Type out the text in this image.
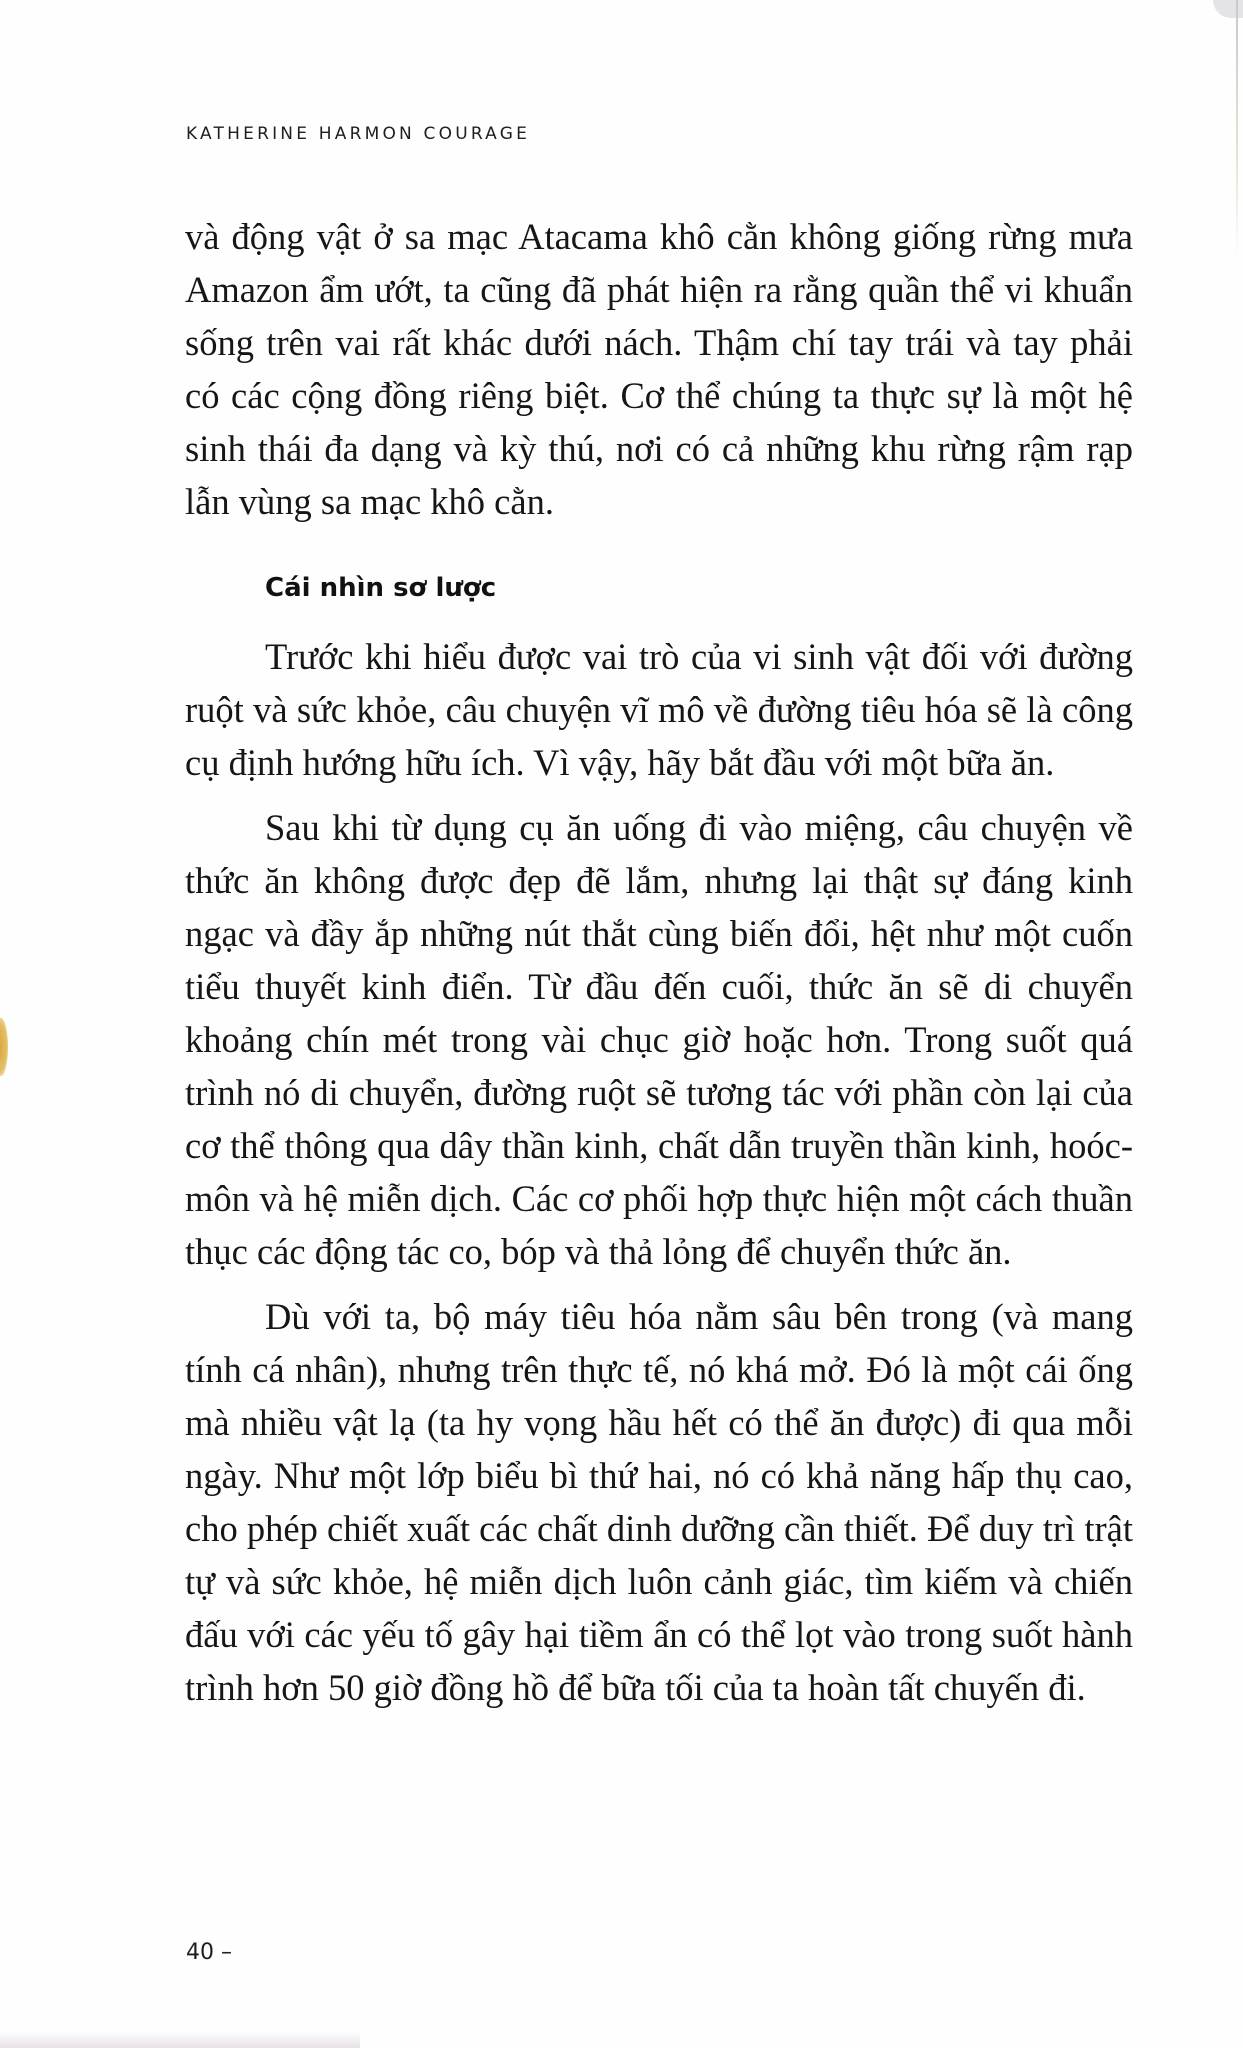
KATHERINE HARMON COURAGE

và động vật ở sa mạc Atacama khô cằn không giống rừng mưa Amazon ẩm ướt, ta cũng đã phát hiện ra rằng quần thể vi khuẩn sống trên vai rất khác dưới nách. Thậm chí tay trái và tay phải có các cộng đồng riêng biệt. Cơ thể chúng ta thực sự là một hệ sinh thái đa dạng và kỳ thú, nơi có cả những khu rừng rậm rạp lẫn vùng sa mạc khô cằn.

Cái nhìn sơ lược

Trước khi hiểu được vai trò của vi sinh vật đối với đường ruột và sức khỏe, câu chuyện vĩ mô về đường tiêu hóa sẽ là công cụ định hướng hữu ích. Vì vậy, hãy bắt đầu với một bữa ăn.

Sau khi từ dụng cụ ăn uống đi vào miệng, câu chuyện về thức ăn không được đẹp đẽ lắm, nhưng lại thật sự đáng kinh ngạc và đầy ắp những nút thắt cùng biến đổi, hệt như một cuốn tiểu thuyết kinh điển. Từ đầu đến cuối, thức ăn sẽ di chuyển khoảng chín mét trong vài chục giờ hoặc hơn. Trong suốt quá trình nó di chuyển, đường ruột sẽ tương tác với phần còn lại của cơ thể thông qua dây thần kinh, chất dẫn truyền thần kinh, hoóc-môn và hệ miễn dịch. Các cơ phối hợp thực hiện một cách thuần thục các động tác co, bóp và thả lỏng để chuyển thức ăn.

Dù với ta, bộ máy tiêu hóa nằm sâu bên trong (và mang tính cá nhân), nhưng trên thực tế, nó khá mở. Đó là một cái ống mà nhiều vật lạ (ta hy vọng hầu hết có thể ăn được) đi qua mỗi ngày. Như một lớp biểu bì thứ hai, nó có khả năng hấp thụ cao, cho phép chiết xuất các chất dinh dưỡng cần thiết. Để duy trì trật tự và sức khỏe, hệ miễn dịch luôn cảnh giác, tìm kiếm và chiến đấu với các yếu tố gây hại tiềm ẩn có thể lọt vào trong suốt hành trình hơn 50 giờ đồng hồ để bữa tối của ta hoàn tất chuyến đi.

40 –
